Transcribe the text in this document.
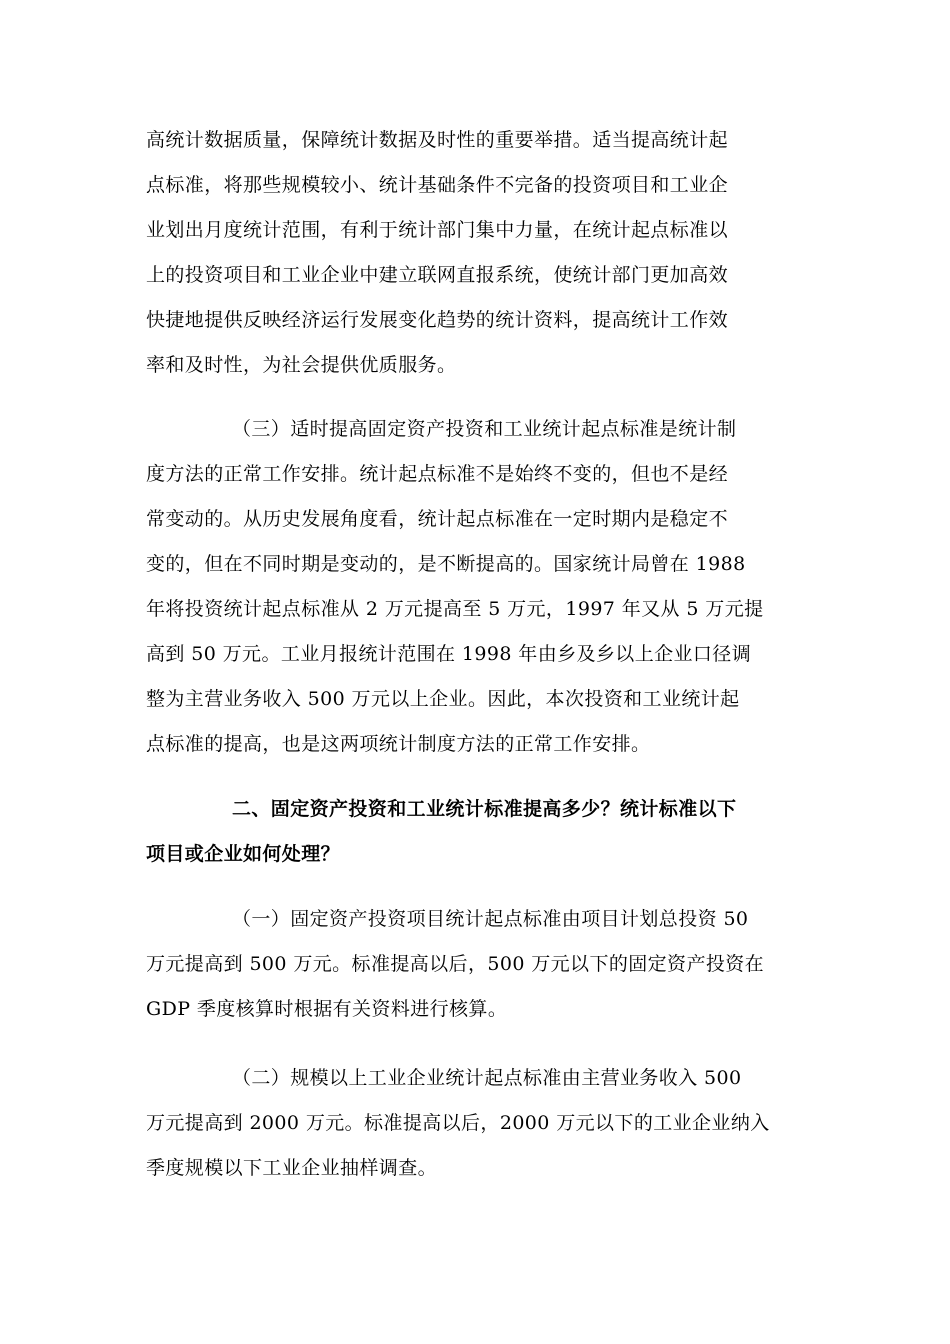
高统计数据质量，保障统计数据及时性的重要举措。适当提高统计起
点标准，将那些规模较小、统计基础条件不完备的投资项目和工业企
业划出月度统计范围，有利于统计部门集中力量，在统计起点标准以
上的投资项目和工业企业中建立联网直报系统，使统计部门更加高效
快捷地提供反映经济运行发展变化趋势的统计资料，提高统计工作效
率和及时性，为社会提供优质服务。
（三）适时提高固定资产投资和工业统计起点标准是统计制
度方法的正常工作安排。统计起点标准不是始终不变的，但也不是经
常变动的。从历史发展角度看，统计起点标准在一定时期内是稳定不
变的，但在不同时期是变动的，是不断提高的。国家统计局曾在 1988
年将投资统计起点标准从 2 万元提高至 5 万元，1997 年又从 5 万元提
高到 50 万元。工业月报统计范围在 1998 年由乡及乡以上企业口径调
整为主营业务收入 500 万元以上企业。因此，本次投资和工业统计起
点标准的提高，也是这两项统计制度方法的正常工作安排。
二、固定资产投资和工业统计标准提高多少？统计标准以下
项目或企业如何处理？
（一）固定资产投资项目统计起点标准由项目计划总投资 50
万元提高到 500 万元。标准提高以后，500 万元以下的固定资产投资在
GDP 季度核算时根据有关资料进行核算。
（二）规模以上工业企业统计起点标准由主营业务收入 500
万元提高到 2000 万元。标准提高以后，2000 万元以下的工业企业纳入
季度规模以下工业企业抽样调查。
